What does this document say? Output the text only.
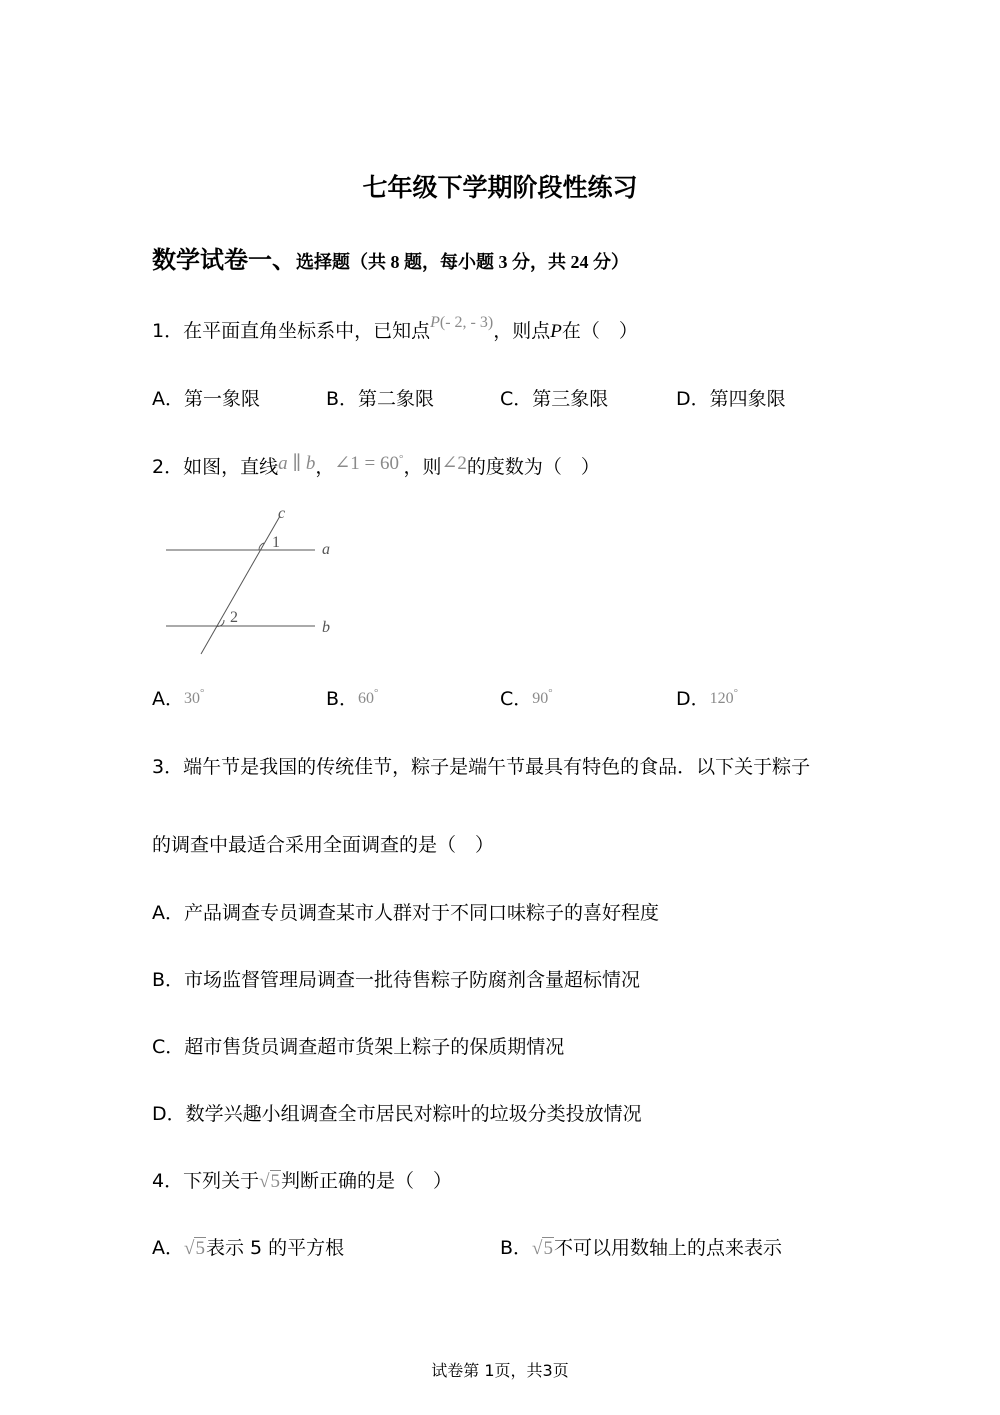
七年级下学期阶段性练习
数学试卷一、选择题（共 8 题，每小题 3 分，共 24 分）
1．在平面直角坐标系中，已知点$^{P(- 2, - 3)}$，则点P在（　）
A．第一象限	B．第二象限	C．第三象限	D．第四象限
2．如图，直线a ∥ b，∠1 = 60°，则∠2的度数为（　）
c
1	a
2
b
A．30°	B．60°	C．90°	D．120°
3．端午节是我国的传统佳节，粽子是端午节最具有特色的食品．以下关于粽子
的调查中最适合采用全面调查的是（　）
A．产品调查专员调查某市人群对于不同口味粽子的喜好程度
B．市场监督管理局调查一批待售粽子防腐剂含量超标情况
C．超市售货员调查超市货架上粽子的保质期情况
D．数学兴趣小组调查全市居民对粽叶的垃圾分类投放情况
4．下列关于√5判断正确的是（　）
A．√5表示 5 的平方根	B．√5不可以用数轴上的点来表示
试卷第 1页，共3页
